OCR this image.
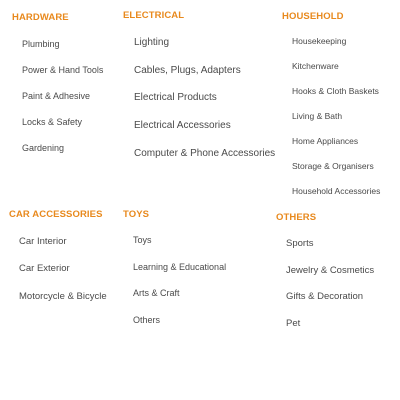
HARDWARE
Plumbing
Power & Hand Tools
Paint & Adhesive
Locks & Safety
Gardening
ELECTRICAL
Lighting
Cables, Plugs, Adapters
Electrical Products
Electrical Accessories
Computer & Phone Accessories
HOUSEHOLD
Housekeeping
Kitchenware
Hooks & Cloth Baskets
Living & Bath
Home Appliances
Storage & Organisers
Household Accessories
CAR ACCESSORIES
Car Interior
Car Exterior
Motorcycle & Bicycle
TOYS
Toys
Learning & Educational
Arts & Craft
Others
OTHERS
Sports
Jewelry & Cosmetics
Gifts & Decoration
Pet
